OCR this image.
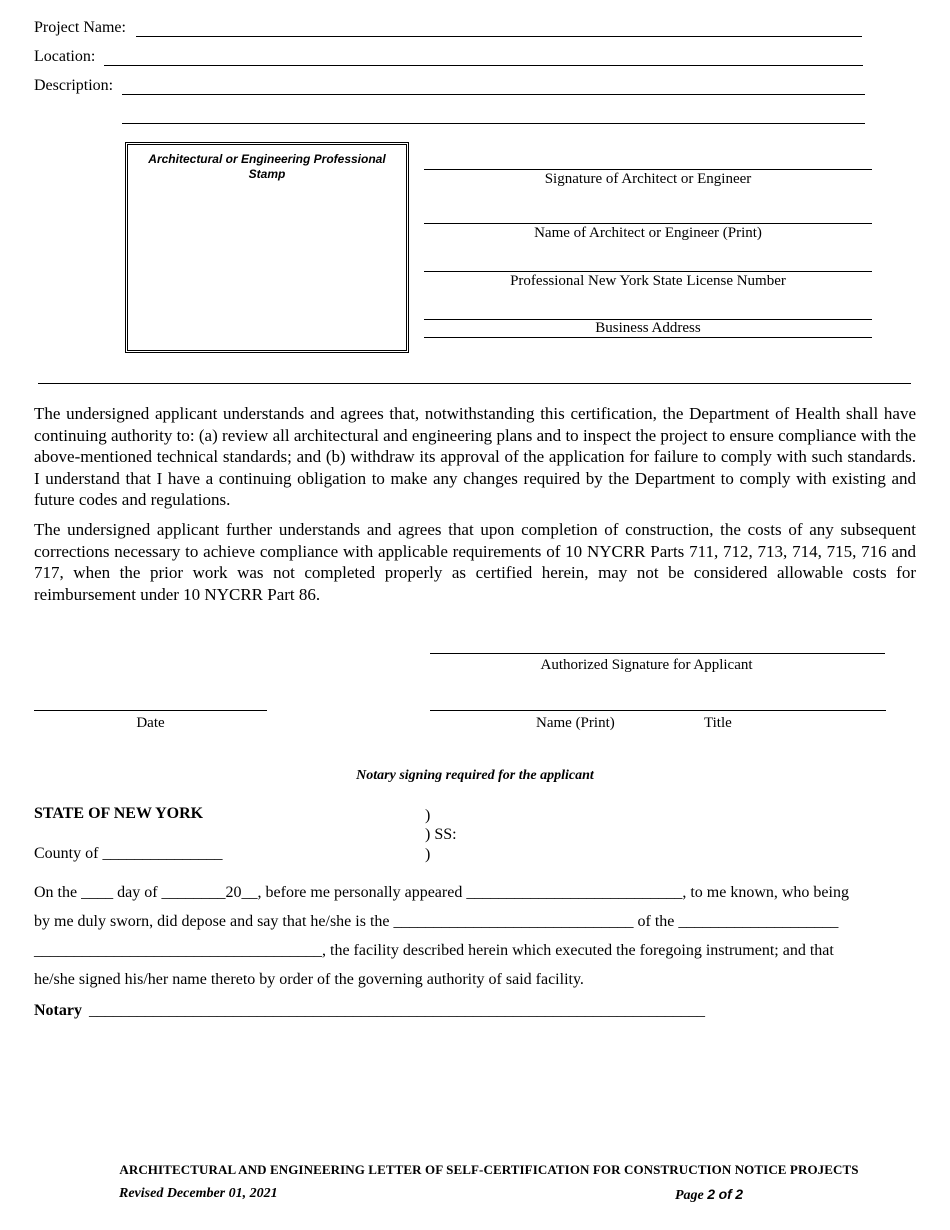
Project Name:
Location:
Description:
Architectural or Engineering Professional Stamp	Signature of Architect or Engineer
Name of Architect or Engineer (Print)
Professional New York State License Number
Business Address
The undersigned applicant understands and agrees that, notwithstanding this certification, the Department of Health shall have continuing authority to: (a) review all architectural and engineering plans and to inspect the project to ensure compliance with the above-mentioned technical standards; and (b) withdraw its approval of the application for failure to comply with such standards. I understand that I have a continuing obligation to make any changes required by the Department to comply with existing and future codes and regulations.
The undersigned applicant further understands and agrees that upon completion of construction, the costs of any subsequent corrections necessary to achieve compliance with applicable requirements of 10 NYCRR Parts 711, 712, 713, 714, 715, 716 and 717, when the prior work was not completed properly as certified herein, may not be considered allowable costs for reimbursement under 10 NYCRR Part 86.
Authorized Signature for Applicant
Date	Name (Print)	Title
Notary signing required for the applicant
STATE OF NEW YORK	)
) SS:
)
County of _______________
On the ____ day of ________20__, before me personally appeared ___________________________, to me known, who being
by me duly sworn, did depose and say that he/she is the ______________________________ of the ____________________
____________________________________, the facility described herein which executed the foregoing instrument; and that
he/she signed his/her name thereto by order of the governing authority of said facility.
Notary _____________________________________________________________________________
ARCHITECTURAL AND ENGINEERING LETTER OF SELF-CERTIFICATION FOR CONSTRUCTION NOTICE PROJECTS
Revised December 01, 2021	Page 2 of 2
